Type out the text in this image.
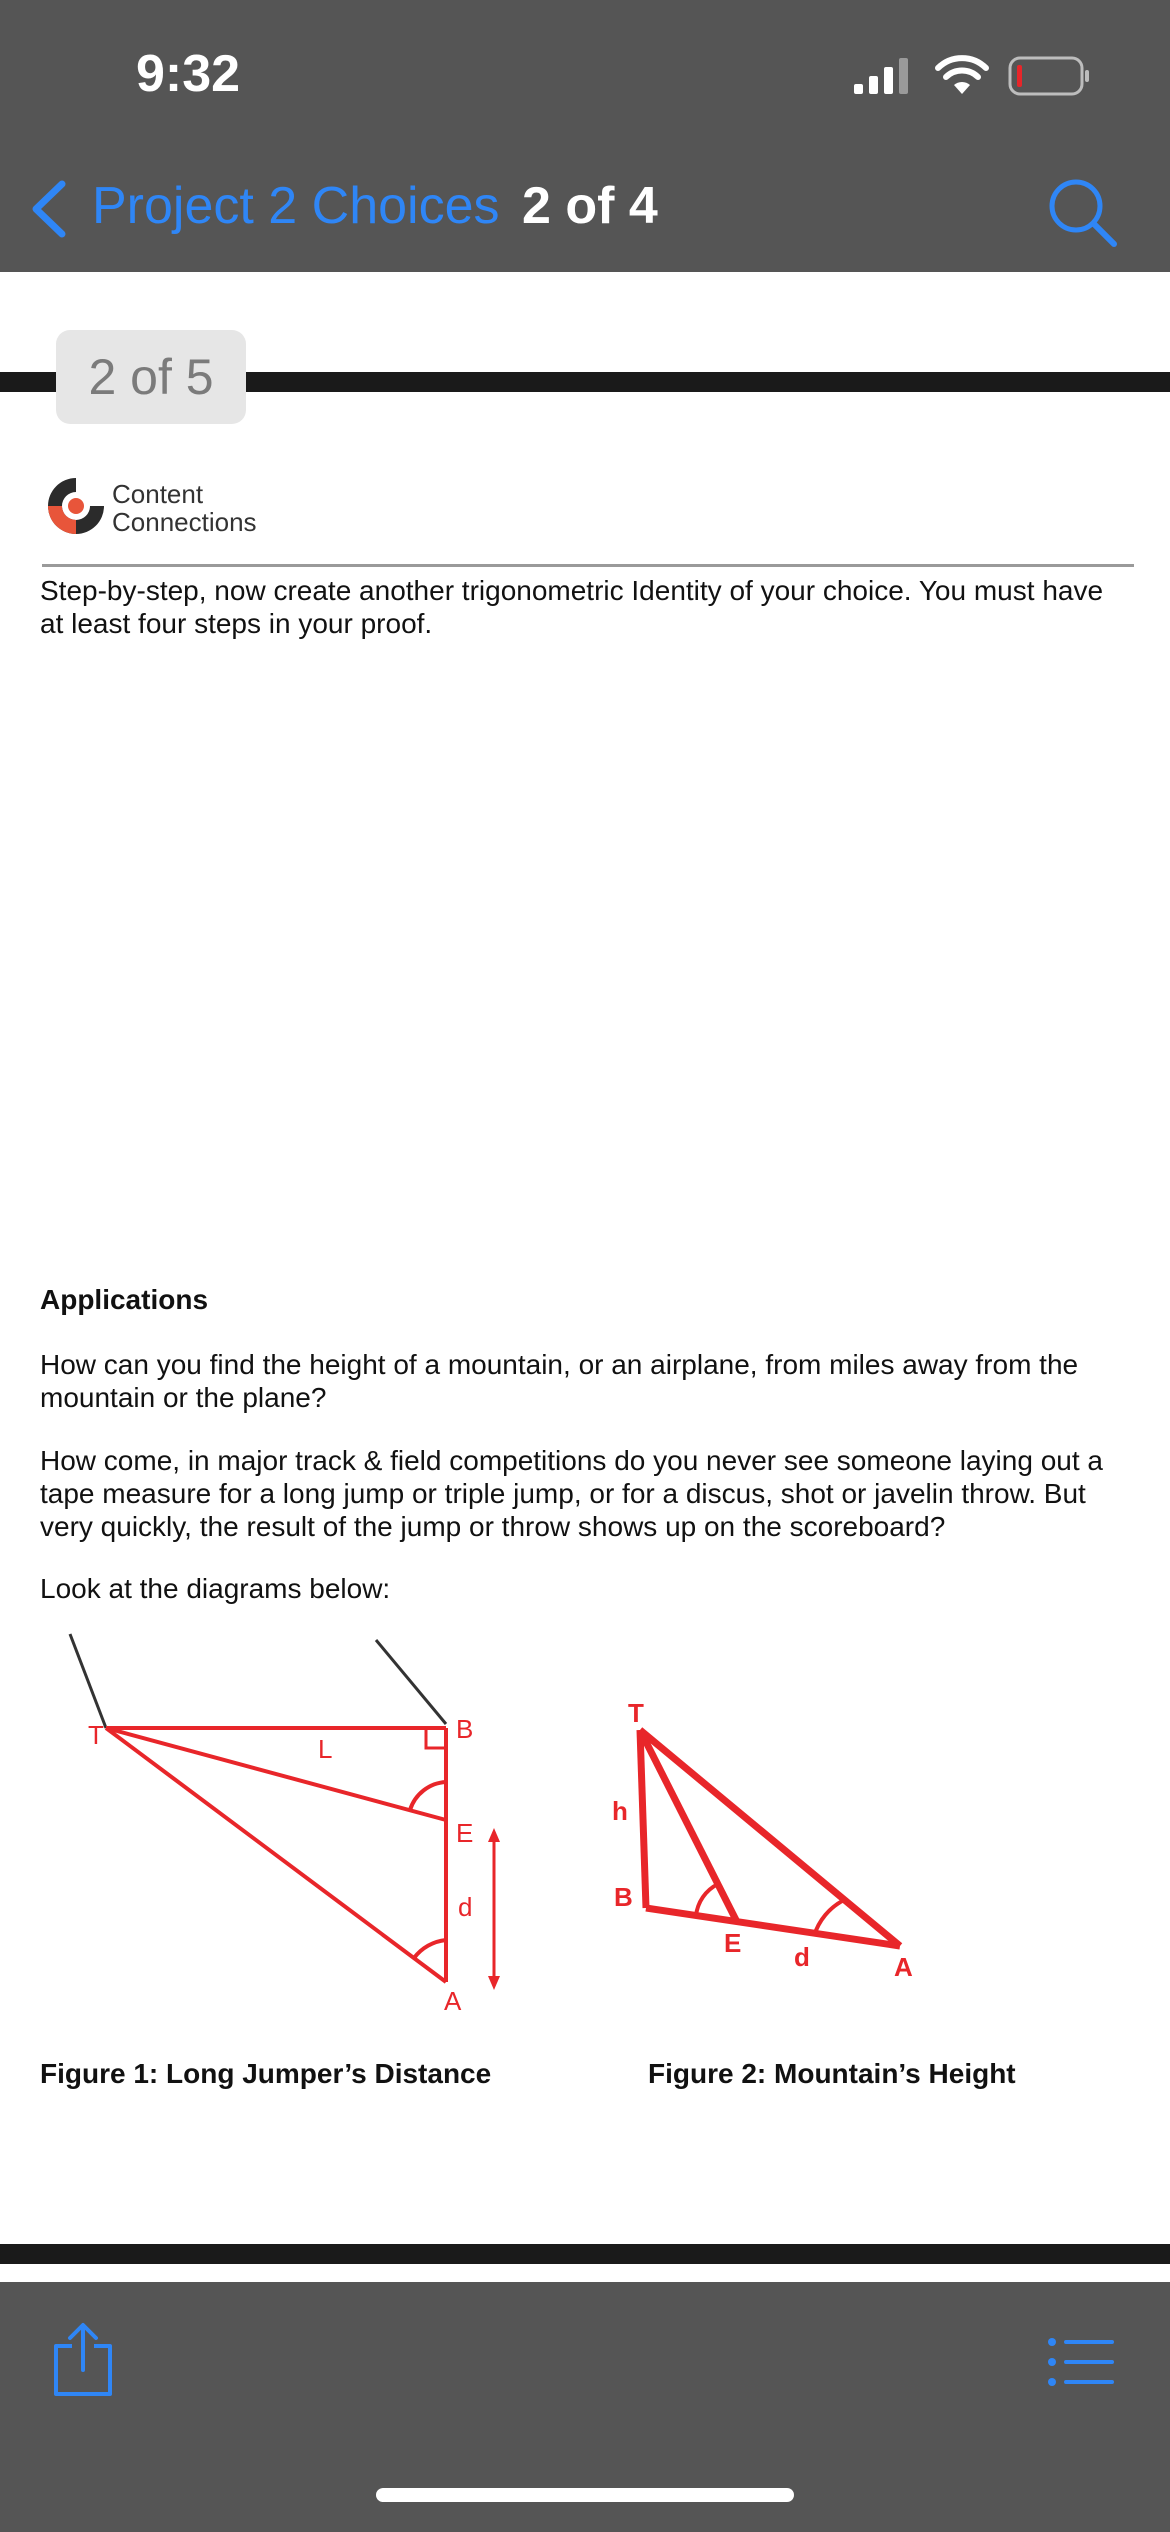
9:32
Project 2 Choices 2 of 4
2 of 5
Content
Connections
Step-by-step, now create another trigonometric Identity of your choice. You must have at least four steps in your proof.
Applications
How can you find the height of a mountain, or an airplane, from miles away from the mountain or the plane?
How come, in major track & field competitions do you never see someone laying out a tape measure for a long jump or triple jump, or for a discus, shot or javelin throw. But very quickly, the result of the jump or throw shows up on the scoreboard?
Look at the diagrams below:
T	L
B
E
d
A
T
h
B
E d	A
Figure 1: Long Jumper’s Distance	Figure 2: Mountain’s Height
